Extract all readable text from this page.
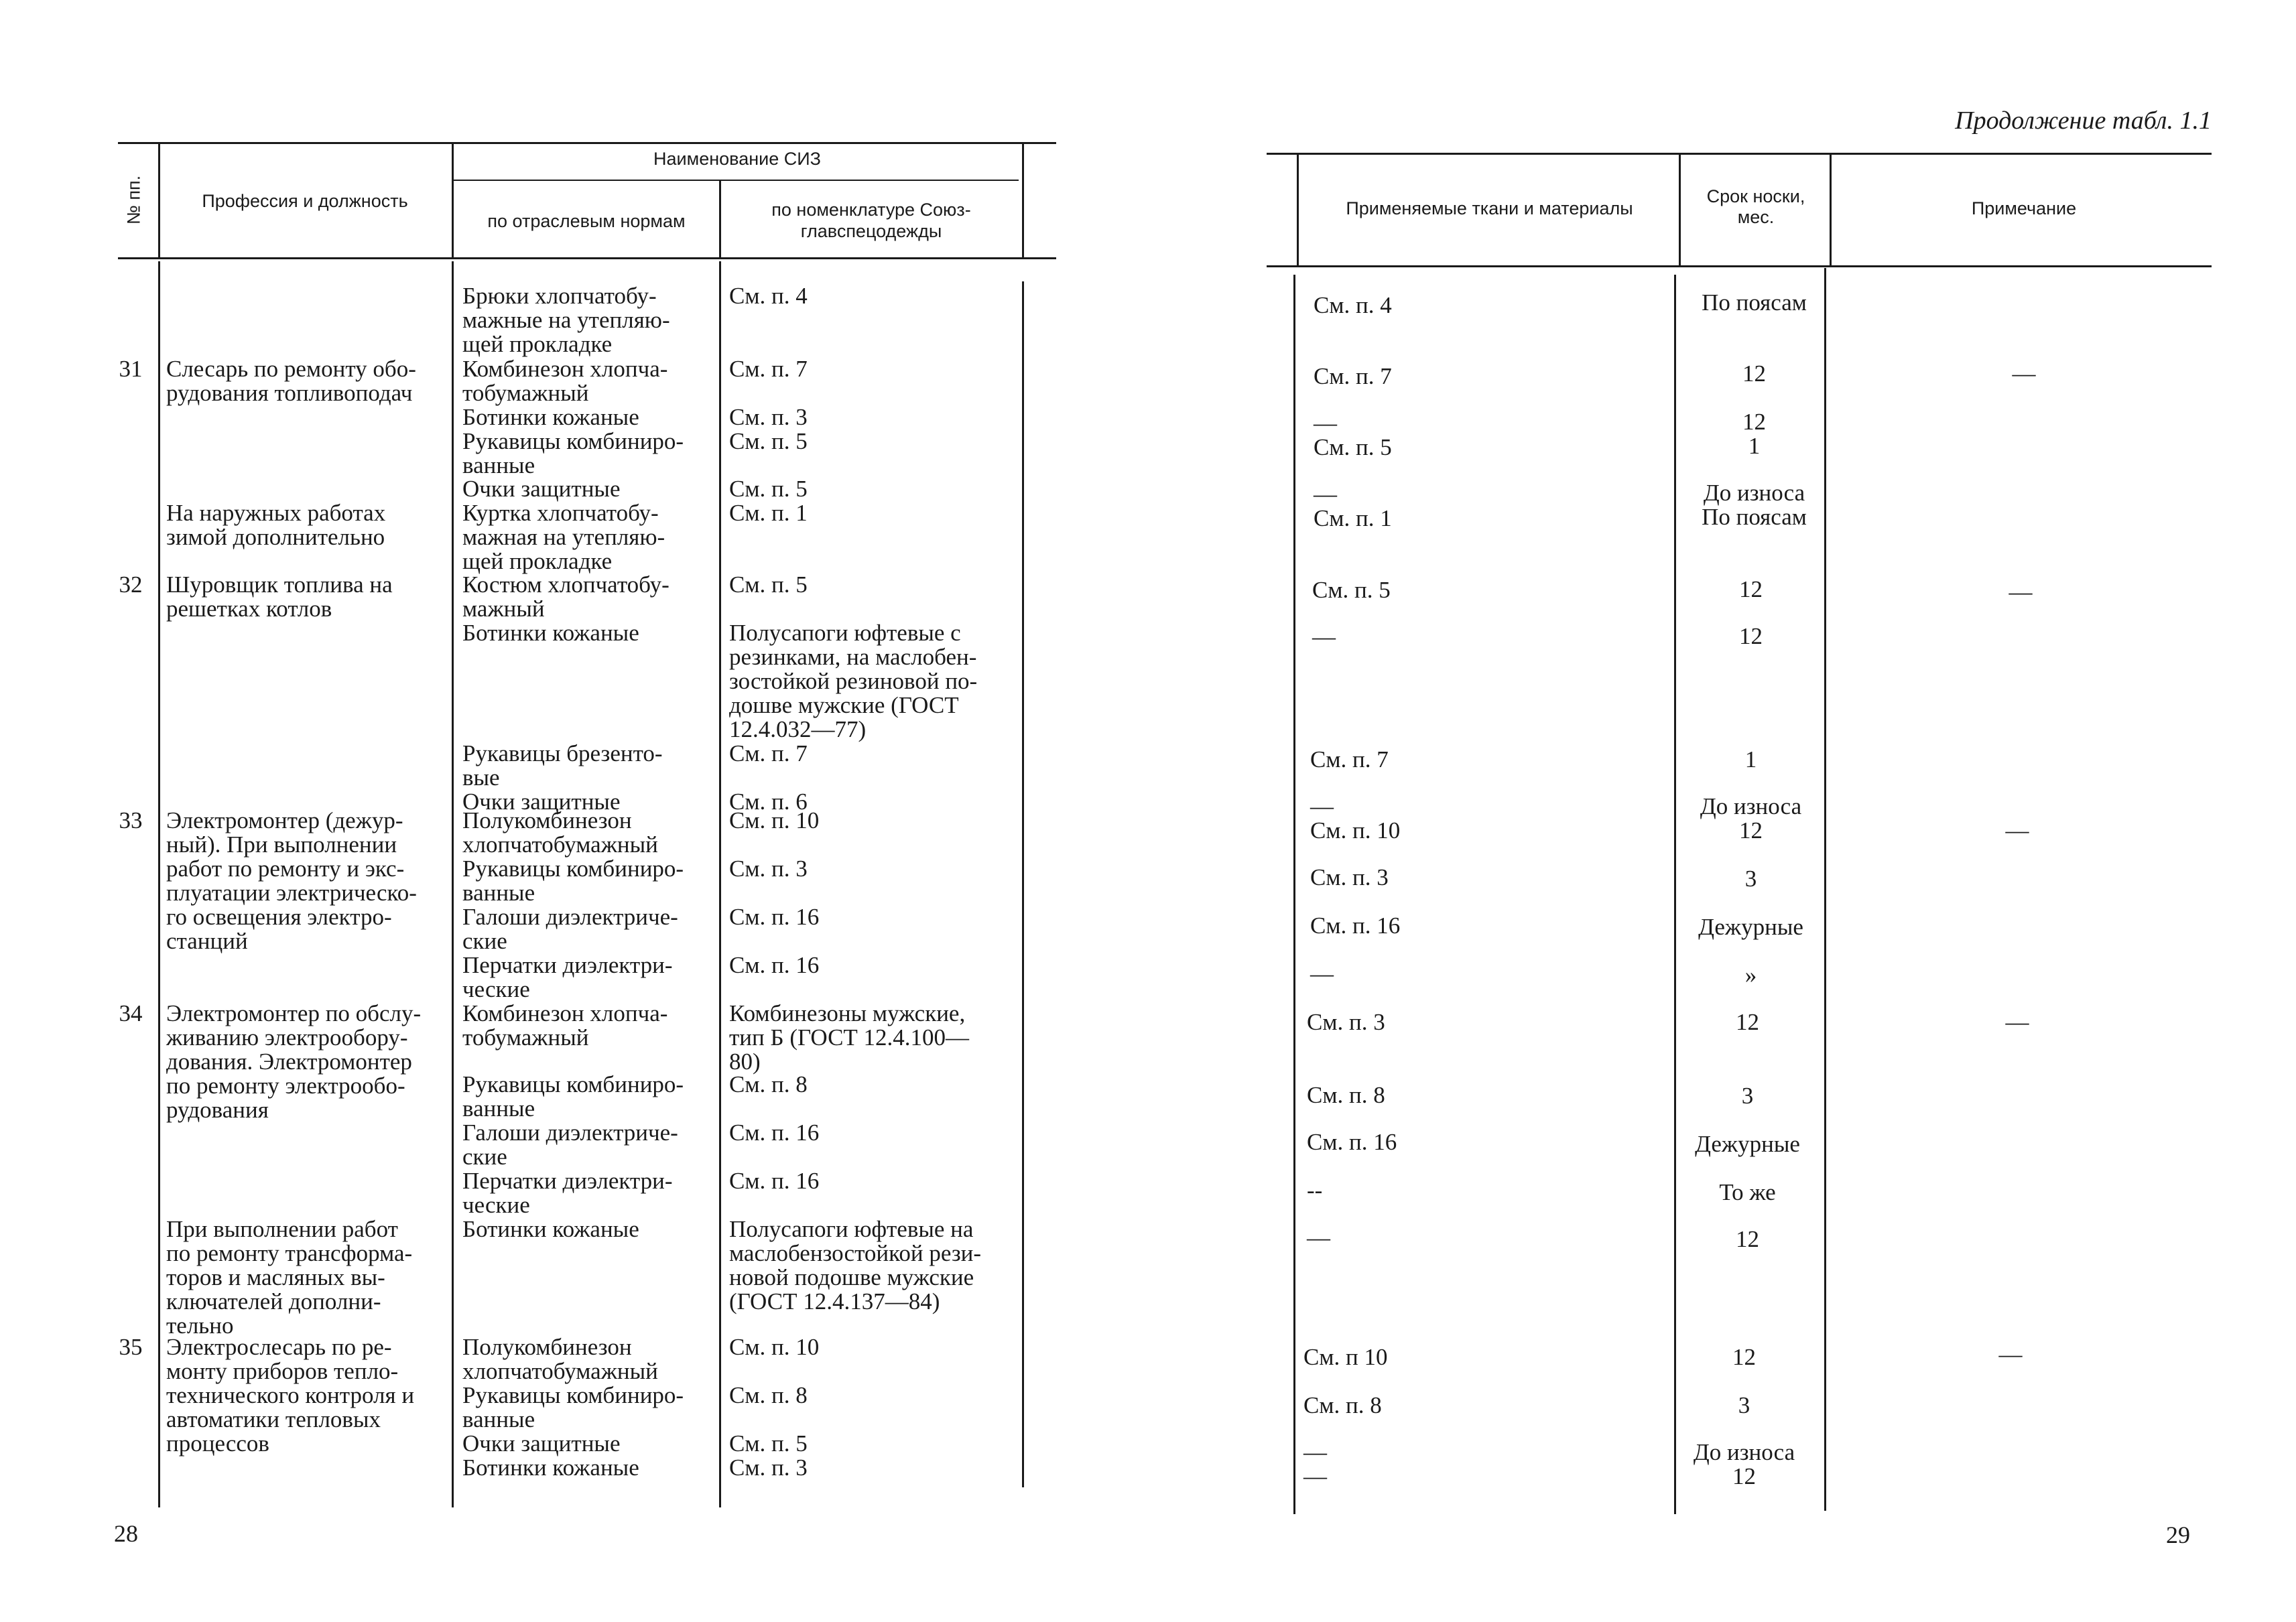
№ пп.	Профессия и должность
Наименование СИЗ
по отраслевым нормам
по номенклатуре Союз-главспецодежды
31
32
33
34
35
Слесарь по ремонту обо-
рудования топливоподач
На наружных работах
зимой дополнительно
Шуровщик топлива на
решетках котлов
Электромонтер (дежур-
ный). При выполнении
работ по ремонту и экс-
плуатации электрическо-
го освещения электро-
станций
Электромонтер по обслу-
живанию электрообору-
дования. Электромонтер
по ремонту электрообо-
рудования
При выполнении работ
по ремонту трансформа-
торов и масляных вы-
ключателей дополни-
тельно
Электрослесарь по ре-
монту приборов тепло-
технического контроля и
автоматики тепловых
процессов
Брюки хлопчатобу-
мажные на утепляю-
щей прокладке
Комбинезон хлопча-
тобумажный
Ботинки кожаные
Рукавицы комбиниро-
ванные
Очки защитные
Куртка хлопчатобу-
мажная на утепляю-
щей прокладке
Костюм хлопчатобу-
мажный
Ботинки кожаные
Рукавицы брезенто-
вые
Очки защитные
Полукомбинезон
хлопчатобумажный
Рукавицы комбиниро-
ванные
Галоши диэлектриче-
ские
Перчатки диэлектри-
ческие
Комбинезон хлопча-
тобумажный
Рукавицы комбиниро-
ванные
Галоши диэлектриче-
ские
Перчатки диэлектри-
ческие
Ботинки кожаные
Полукомбинезон
хлопчатобумажный
Рукавицы комбиниро-
ванные
Очки защитные
Ботинки кожаные
См. п. 4
См. п. 7
См. п. 3
См. п. 5
См. п. 5
См. п. 1
См. п. 5
Полусапоги юфтевые с
резинками, на маслобен-
зостойкой резиновой по-
дошве мужские (ГОСТ
12.4.032—77)
См. п. 7
См. п. 6
См. п. 10
См. п. 3
См. п. 16
См. п. 16
Комбинезоны мужские,
тип Б (ГОСТ 12.4.100—
80)
См. п. 8
См. п. 16
См. п. 16
Полусапоги юфтевые на
маслобензостойкой рези-
новой подошве мужские
(ГОСТ 12.4.137—84)
См. п. 10
См. п. 8
См. п. 5
См. п. 3
28
Продолжение табл. 1.1
Применяемые ткани и материалы
Срок носки, мес.	Примечание
См. п. 4
См. п. 7
—
См. п. 5
—
См. п. 1
См. п. 5
—
См. п. 7
—
См. п. 10
См. п. 3
См. п. 16
—
См. п. 3
См. п. 8
См. п. 16
--
—
См. п 10
См. п. 8
—
—
По поясам
12
12
1
До износа
По поясам
12
12
1
До износа
12
3
Дежурные
»
12
3
Дежурные
То же
12
12
3
До износа
12
—
—
—
—
—
29
